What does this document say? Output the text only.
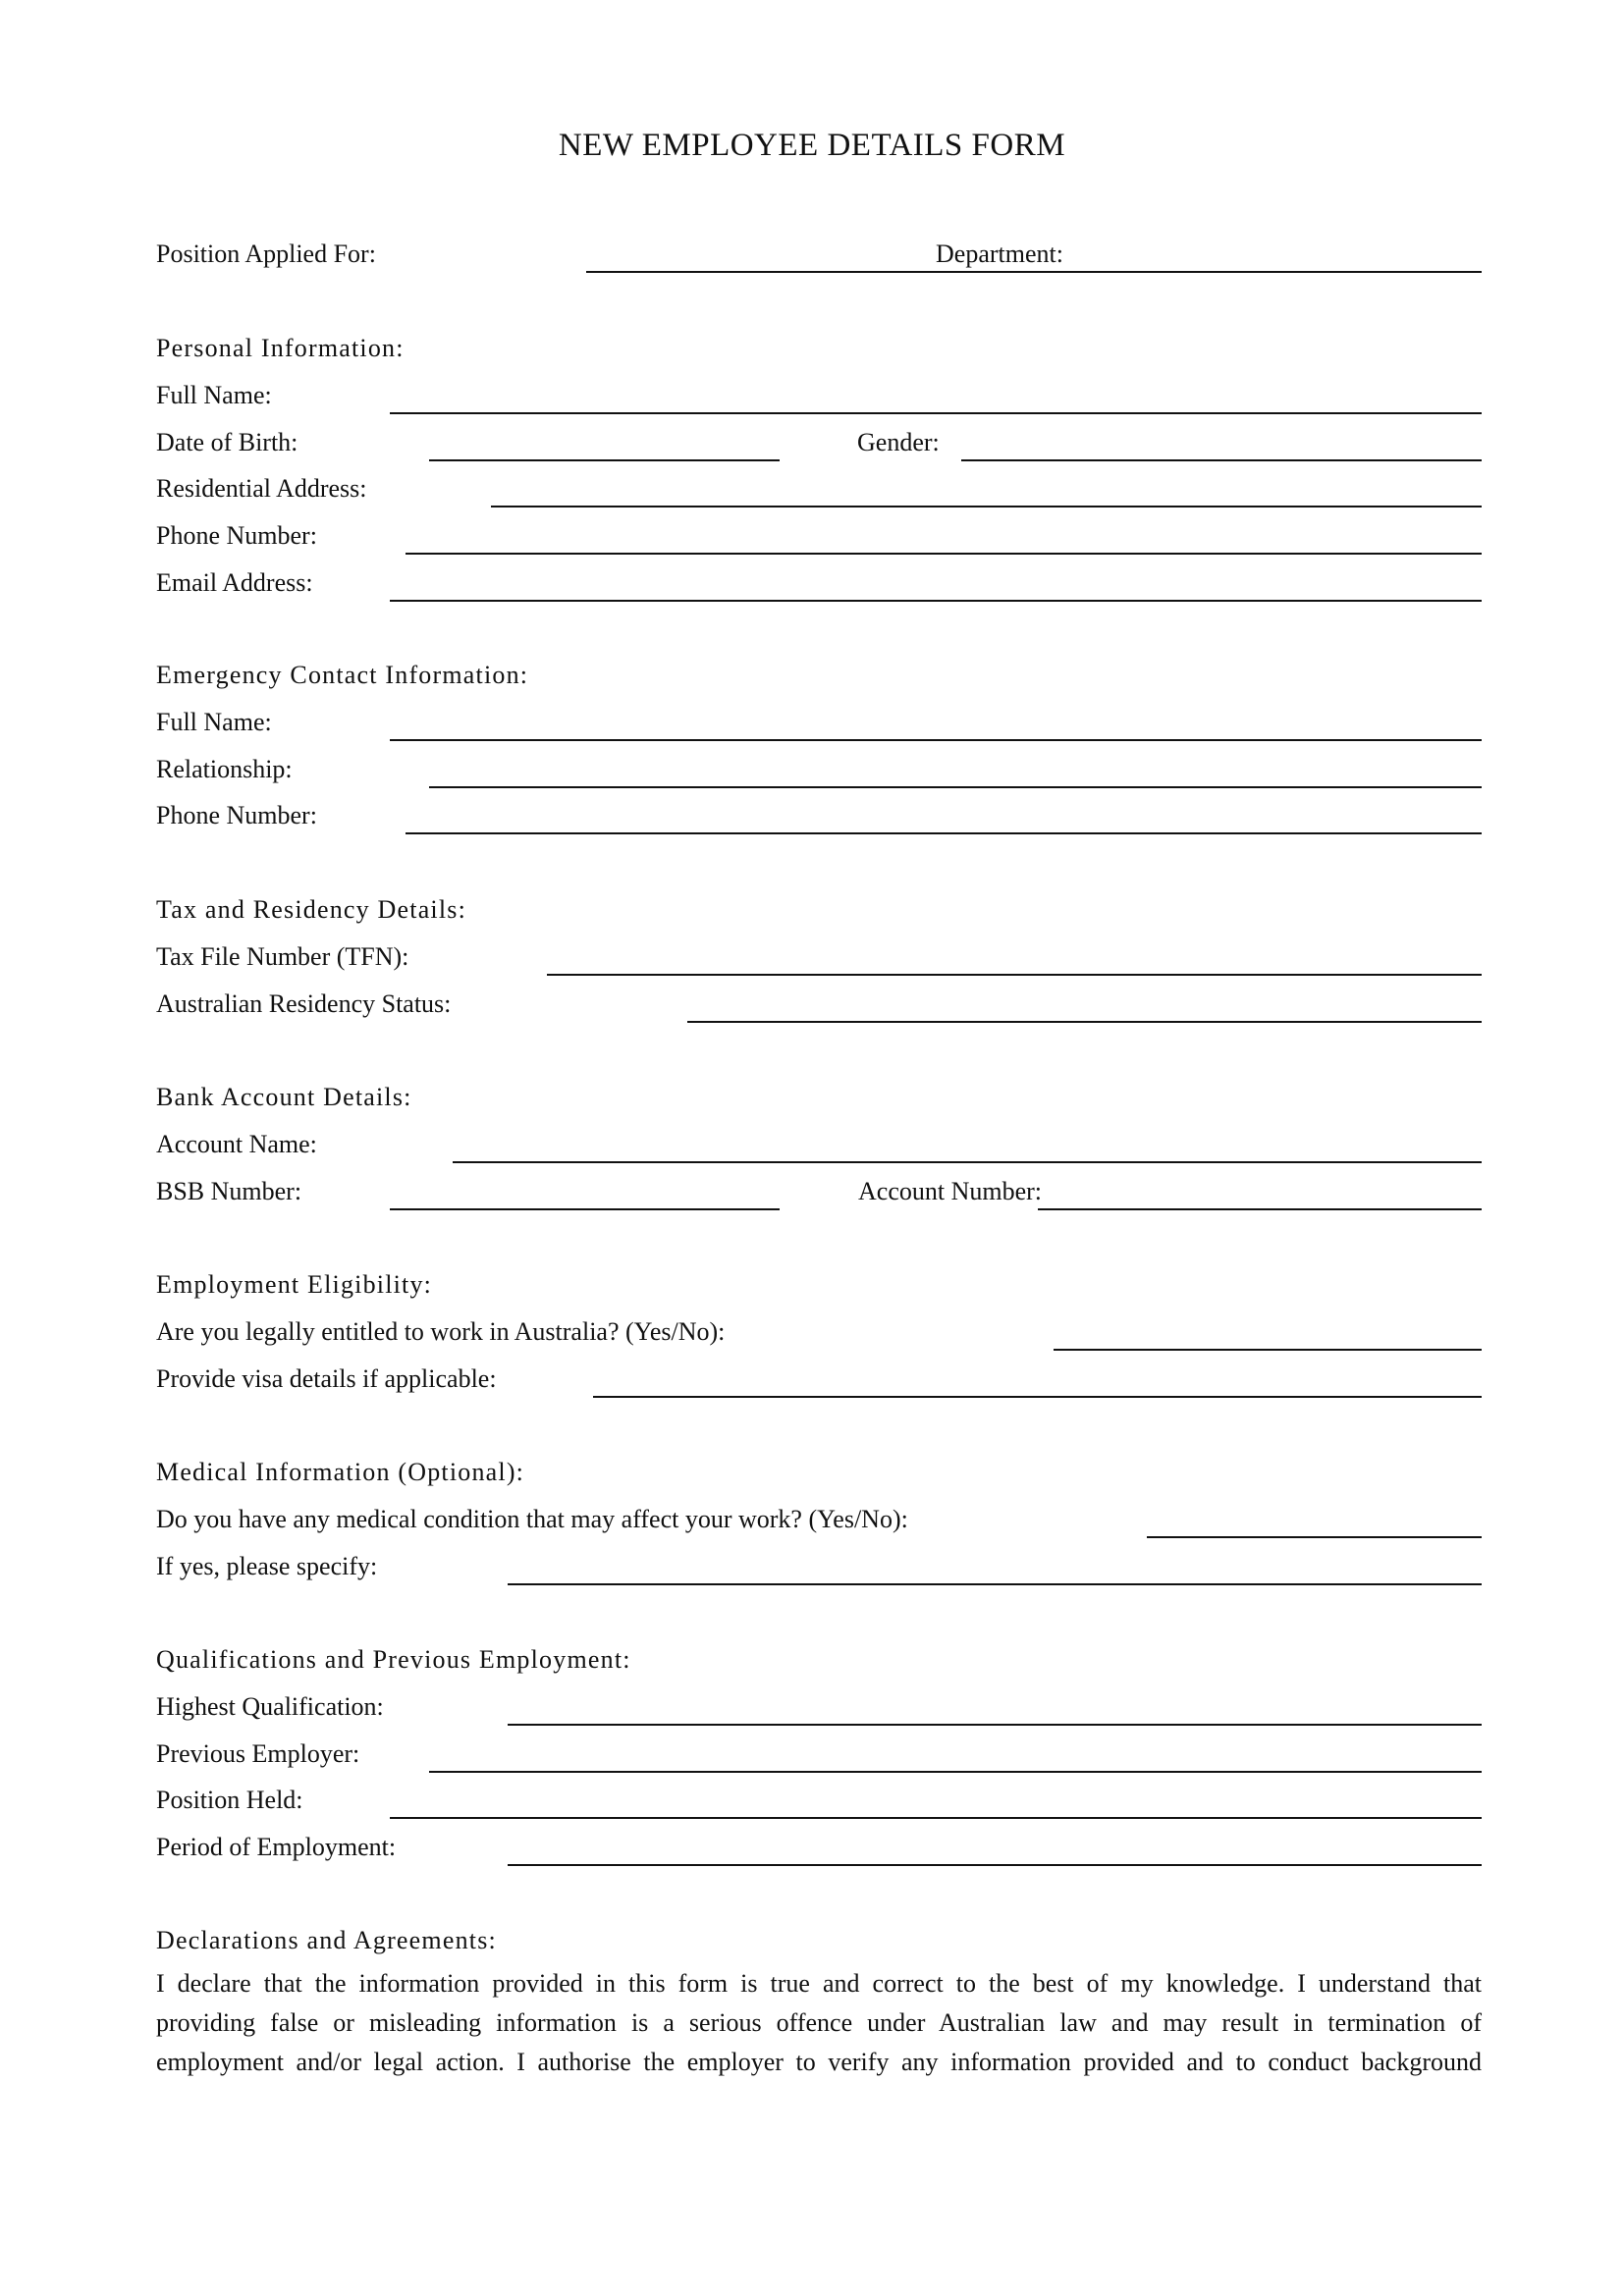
NEW EMPLOYEE DETAILS FORM
Position Applied For:	Department:
Personal Information:
Full Name:
Date of Birth:	Gender:
Residential Address:
Phone Number:
Email Address:
Emergency Contact Information:
Full Name:
Relationship:
Phone Number:
Tax and Residency Details:
Tax File Number (TFN):
Australian Residency Status:
Bank Account Details:
Account Name:
BSB Number:	Account Number:
Employment Eligibility:
Are you legally entitled to work in Australia? (Yes/No):
Provide visa details if applicable:
Medical Information (Optional):
Do you have any medical condition that may affect your work? (Yes/No):
If yes, please specify:
Qualifications and Previous Employment:
Highest Qualification:
Previous Employer:
Position Held:
Period of Employment:
Declarations and Agreements:
I declare that the information provided in this form is true and correct to the best of my knowledge. I understand that
providing false or misleading information is a serious offence under Australian law and may result in termination of
employment and/or legal action. I authorise the employer to verify any information provided and to conduct background
